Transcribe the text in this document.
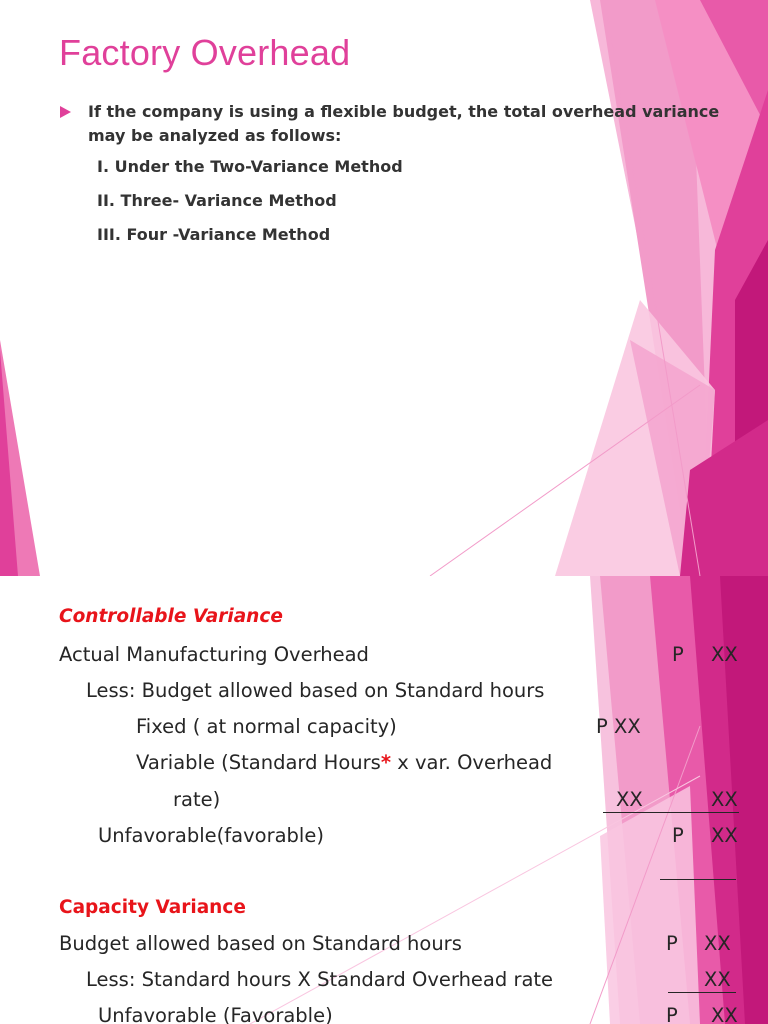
Factory Overhead
If the company is using a flexible budget, the total overhead variance may be analyzed as follows:
I. Under the Two-Variance Method
II. Three- Variance Method
III. Four -Variance Method
Controllable Variance
Actual Manufacturing Overhead	P XX
Less: Budget allowed based on Standard hours
Fixed ( at normal capacity)	P XX
Variable (Standard Hours* x var. Overhead
rate)	XX	XX
Unfavorable(favorable)	P XX
Capacity Variance
Budget allowed based on Standard hours	P XX
Less: Standard hours X Standard Overhead rate	XX
Unfavorable (Favorable)	P XX
